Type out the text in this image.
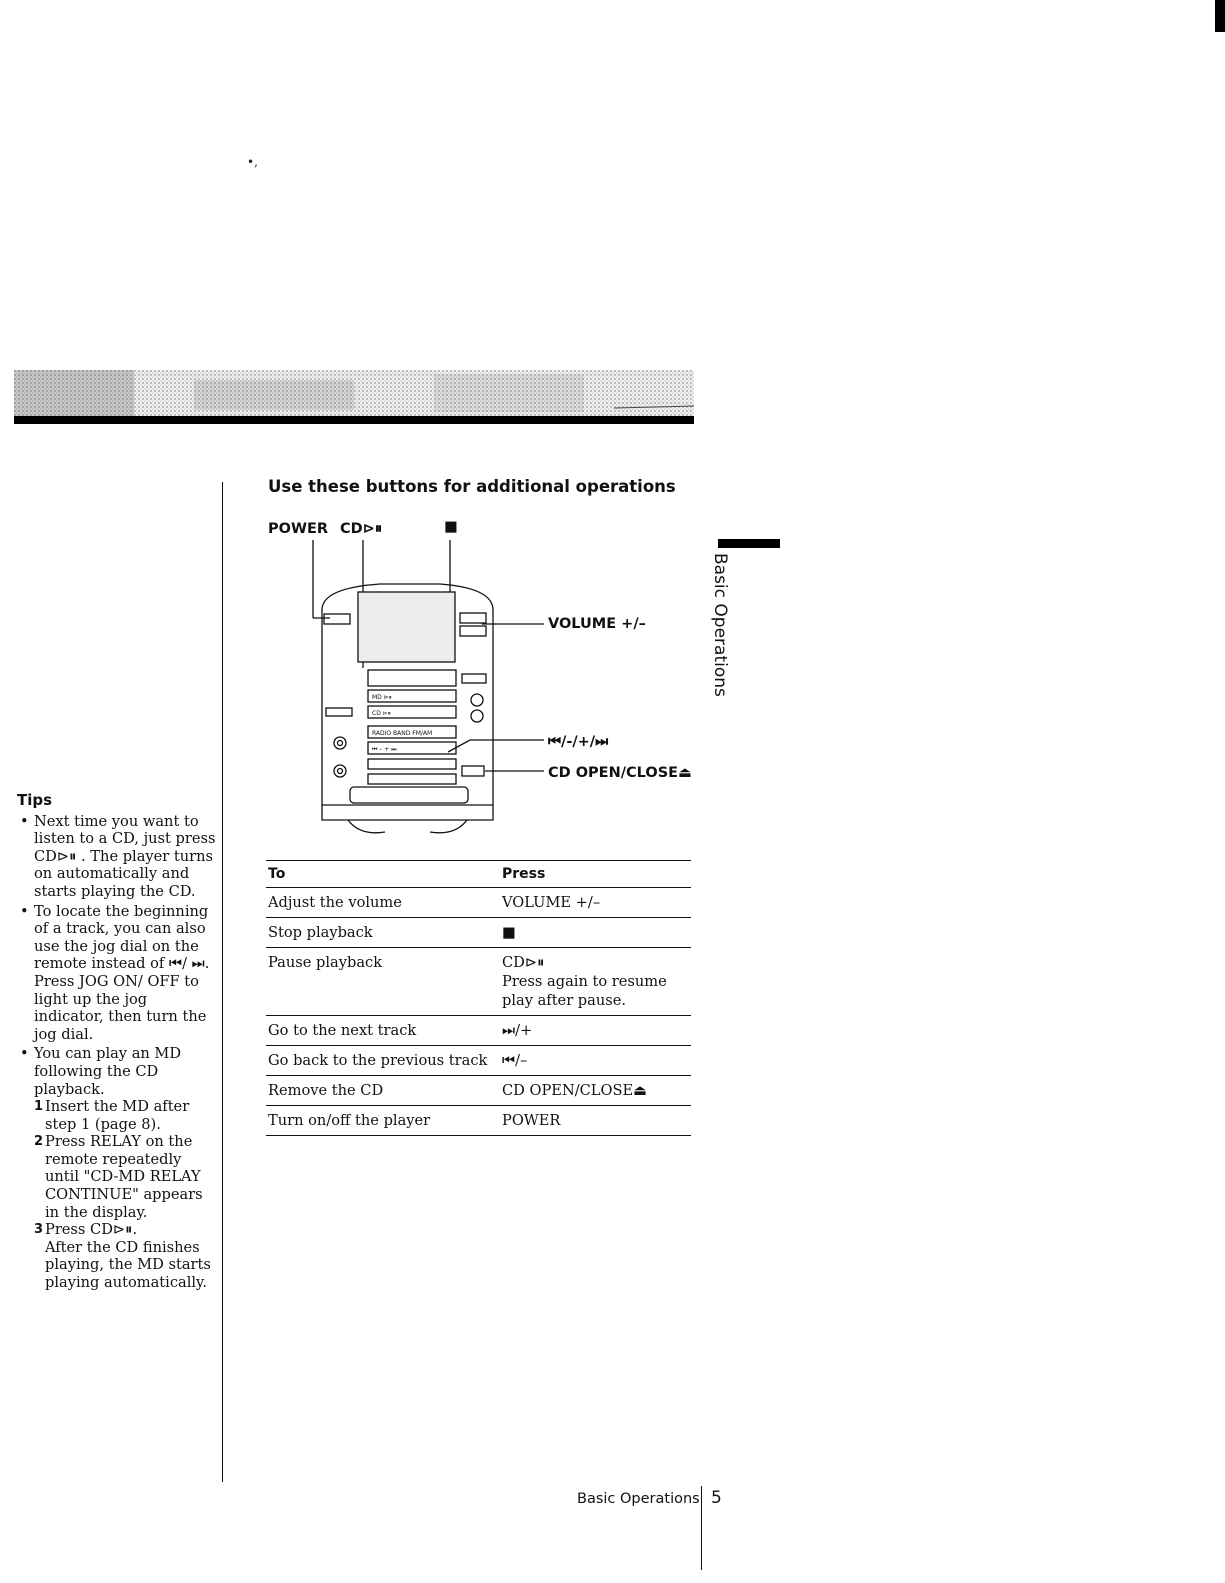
•,
Tips
• Next time you want to listen to a CD, just press CD⊳⏸ . The player turns on automatically and starts playing the CD.
• To locate the beginning of a track, you can also use the jog dial on the remote instead of ⏮/ ⏭. Press JOG ON/ OFF to light up the jog indicator, then turn the jog dial.
• You can play an MD following the CD playback.
1 Insert the MD after step 1 (page 8).
2 Press RELAY on the remote repeatedly until "CD-MD RELAY CONTINUE" appears in the display.
3 Press CD⊳⏸.
After the CD finishes playing, the MD starts playing automatically.
Use these buttons for additional operations
POWER CD⊳⏸	■
VOLUME +/–
⏮/-/+/⏭
CD OPEN/CLOSE⏏
MD ⊳⏸
CD ⊳⏸
RADIO BAND FM/AM
⏮ – + ⏭
Basic Operations
To	Press
Adjust the volume	VOLUME +/–
Stop playback	■
Pause playback	CD⊳⏸
Press again to resume play after pause.

Go to the next track	⏭/+
Go back to the previous track	⏮/–
Remove the CD	CD OPEN/CLOSE⏏
Turn on/off the player	POWER
Basic Operations 5
